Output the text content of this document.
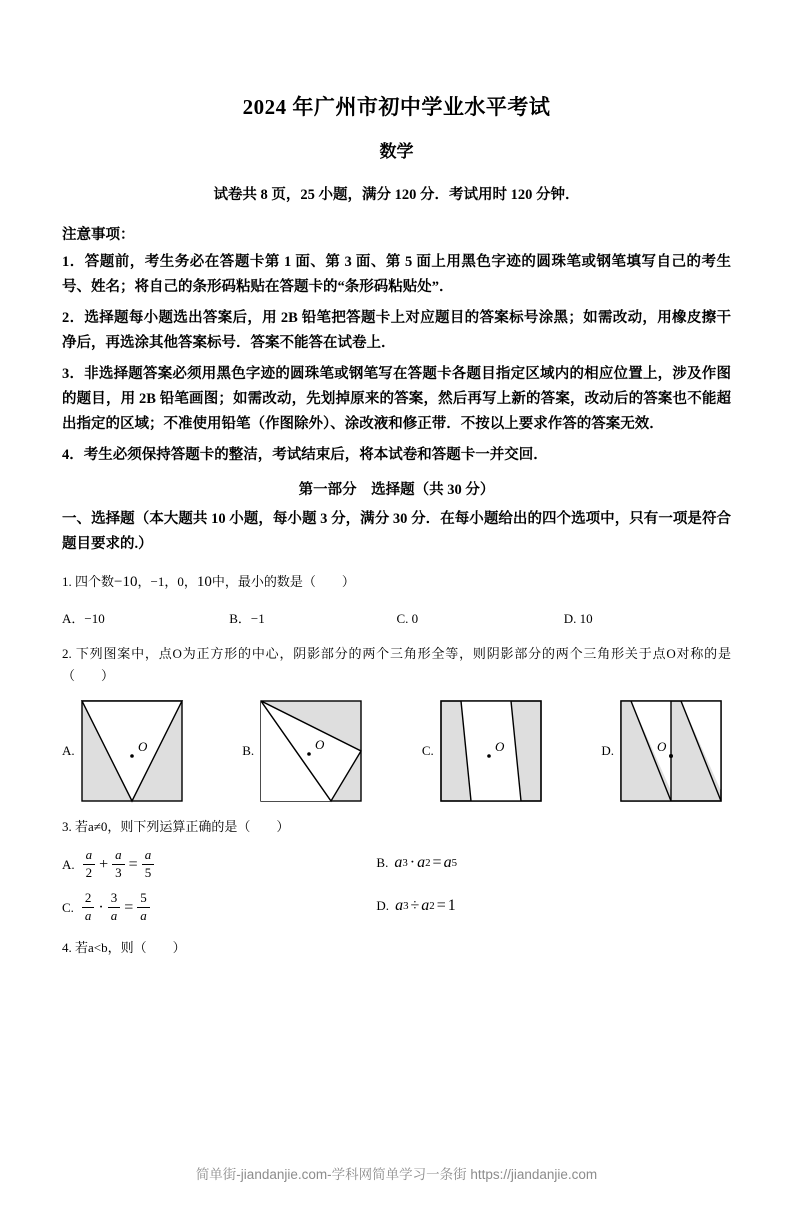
2024 年广州市初中学业水平考试
数学
试卷共 8 页，25 小题，满分 120 分．考试用时 120 分钟．
注意事项：
1．答题前，考生务必在答题卡第 1 面、第 3 面、第 5 面上用黑色字迹的圆珠笔或钢笔填写自己的考生号、姓名；将自己的条形码粘贴在答题卡的“条形码粘贴处”．
2．选择题每小题选出答案后，用 2B 铅笔把答题卡上对应题目的答案标号涂黑；如需改动，用橡皮擦干净后，再选涂其他答案标号．答案不能答在试卷上．
3．非选择题答案必须用黑色字迹的圆珠笔或钢笔写在答题卡各题目指定区域内的相应位置上，涉及作图的题目，用 2B 铅笔画图；如需改动，先划掉原来的答案，然后再写上新的答案，改动后的答案也不能超出指定的区域；不准使用铅笔（作图除外）、涂改液和修正带．不按以上要求作答的答案无效．
4．考生必须保持答题卡的整洁，考试结束后，将本试卷和答题卡一并交回．
第一部分　选择题（共 30 分）
一、选择题（本大题共 10 小题，每小题 3 分，满分 30 分．在每小题给出的四个选项中，只有一项是符合题目要求的.）
1. 四个数−10，−1，0，10中，最小的数是（　　）
A．−10	B．−1	C. 0	D. 10
2. 下列图案中，点O为正方形的中心，阴影部分的两个三角形全等，则阴影部分的两个三角形关于点O对称的是（　　）
A.	O	B.	O	C.	O	D.	O
3. 若a≠0，则下列运算正确的是（　　）
A. $\frac{a}{2} + \frac{a}{3} = \frac{a}{5}$	B. a 3 · a 2 = a 5
C. $\frac{2}{a} \cdot \frac{3}{a} = \frac{5}{a}$	D. a 3 ÷ a 2 = 1
4. 若a<b，则（　　）
简单街-jiandanjie.com-学科网简单学习一条街 https://jiandanjie.com
